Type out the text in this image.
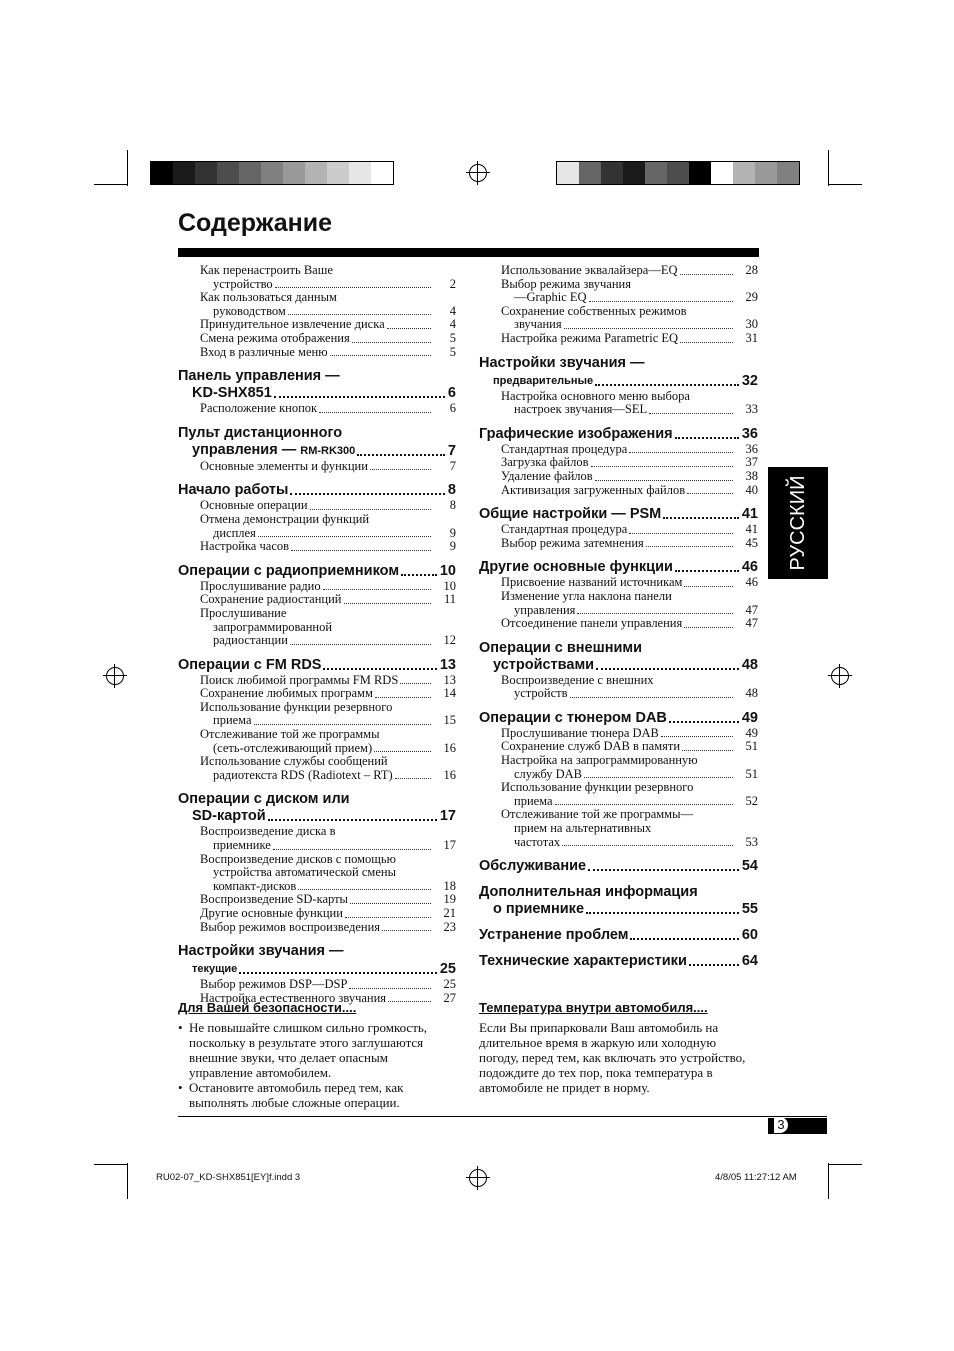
Содержание
Как перенастроить Ваше
устройство	2
Как пользоваться данным
руководством	4
Принудительное извлечение диска	4
Смена режима отображения	5
Вход в различные меню	5
Панель управления —
KD-SHX851	6
Расположение кнопок	6
Пульт дистанционного
управления — RM-RK300	7
Основные элементы и функции	7
Начало работы	8
Основные операции	8
Отмена демонстрации функций
дисплея	9
Настройка часов	9
Операции с радиоприемником	10
Прослушивание радио	10
Сохранение радиостанций	11
Прослушивание
запрограммированной
радиостанции	12
Операции с FM RDS	13
Поиск любимой программы FM RDS	13
Сохранение любимых программ	14
Использование функции резервного
приема	15
Отслеживание той же программы
(сеть-отслеживающий прием)	16
Использование службы сообщений
радиотекста RDS (Radiotext – RT)	16
Операции с диском или
SD-картой	17
Воспроизведение диска в
приемнике	17
Воспроизведение дисков с помощью
устройства автоматической смены
компакт-дисков	18
Воспроизведение SD-карты	19
Другие основные функции	21
Выбор режимов воспроизведения	23
Настройки звучания —
текущие	25
Выбор режимов DSP—DSP	25
Настройка естественного звучания	27
Использование эквалайзера—EQ	28
Выбор режима звучания
—Graphic EQ	29
Сохранение собственных режимов
звучания	30
Настройка режима Parametric EQ	31
Настройки звучания —
предварительные	32
Настройка основного меню выбора
настроек звучания—SEL	33
Графические изображения	36
Стандартная процедура	36
Загрузка файлов	37
Удаление файлов	38
Активизация загруженных файлов	40
Общие настройки — PSM	41
Стандартная процедура	41
Выбор режима затемнения	45
Другие основные функции	46
Присвоение названий источникам	46
Изменение угла наклона панели
управления	47
Отсоединение панели управления	47
Операции с внешними
устройствами	48
Воспроизведение с внешних
устройств	48
Операции с тюнером DAB	49
Прослушивание тюнера DAB	49
Сохранение служб DAB в памяти	51
Настройка на запрограммированную
службу DAB	51
Использование функции резервного
приема	52
Отслеживание той же программы—
прием на альтернативных
частотах	53
Обслуживание	54
Дополнительная информация
о приемнике	55
Устранение проблем	60
Технические характеристики	64
РУССКИЙ
Для Вашей безопасности....
• Не повышайте слишком сильно громкость, поскольку в результате этого заглушаются внешние звуки, что делает опасным управление автомобилем.
• Остановите автомобиль перед тем, как выполнять любые сложные операции.
Температура внутри автомобиля....
Если Вы припарковали Ваш автомобиль на длительное время в жаркую или холодную погоду, перед тем, как включать это устройство, подождите до тех пор, пока температура в автомобиле не придет в норму.
3
RU02-07_KD-SHX851[EY]f.indd 3	4/8/05 11:27:12 AM
